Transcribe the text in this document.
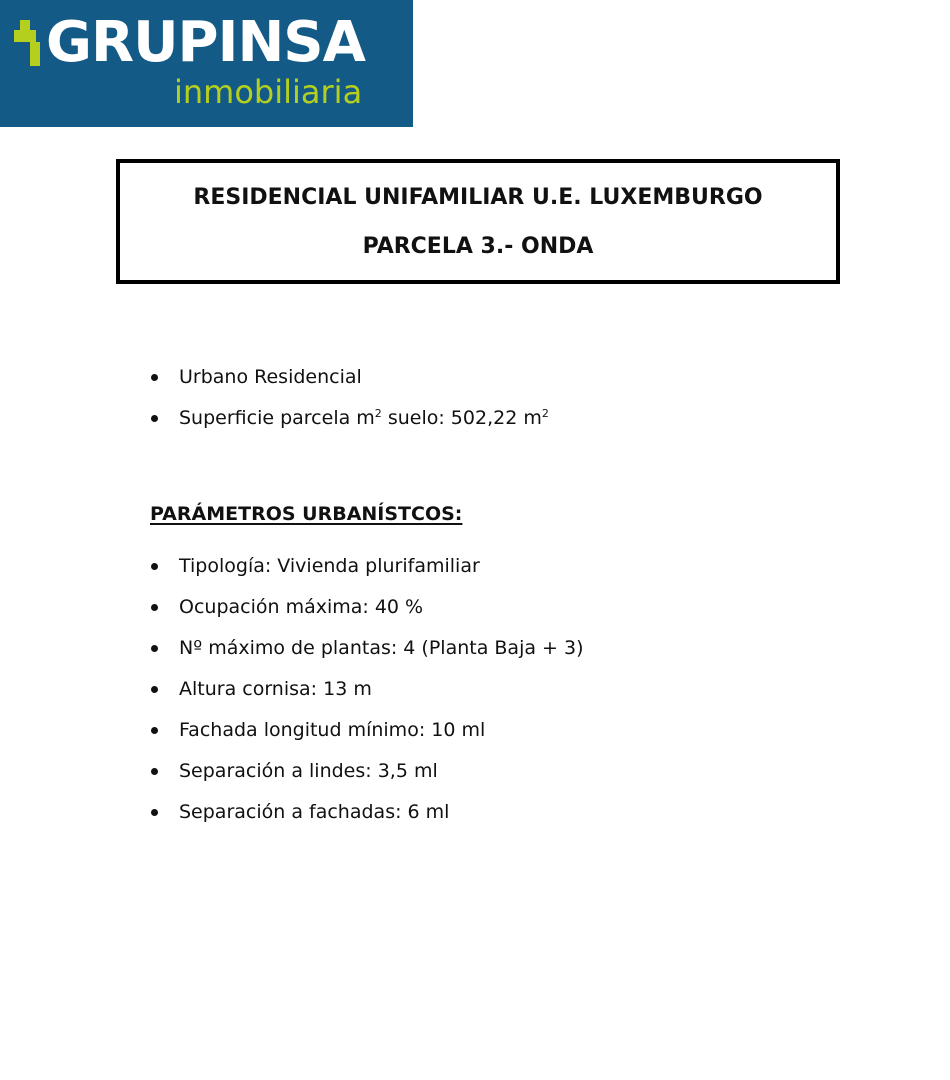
GRUPINSA
inmobiliaria
RESIDENCIAL UNIFAMILIAR U.E. LUXEMBURGO
PARCELA 3.- ONDA
Urbano Residencial
Superficie parcela $m^2$ suelo: 502,22 $m^2$
PARÁMETROS URBANÍSTCOS:
Tipología: Vivienda plurifamiliar
Ocupación máxima: 40 %
Nº máximo de plantas: 4 (Planta Baja + 3)
Altura cornisa: 13 m
Fachada longitud mínimo: 10 ml
Separación a lindes: 3,5 ml
Separación a fachadas: 6 ml
